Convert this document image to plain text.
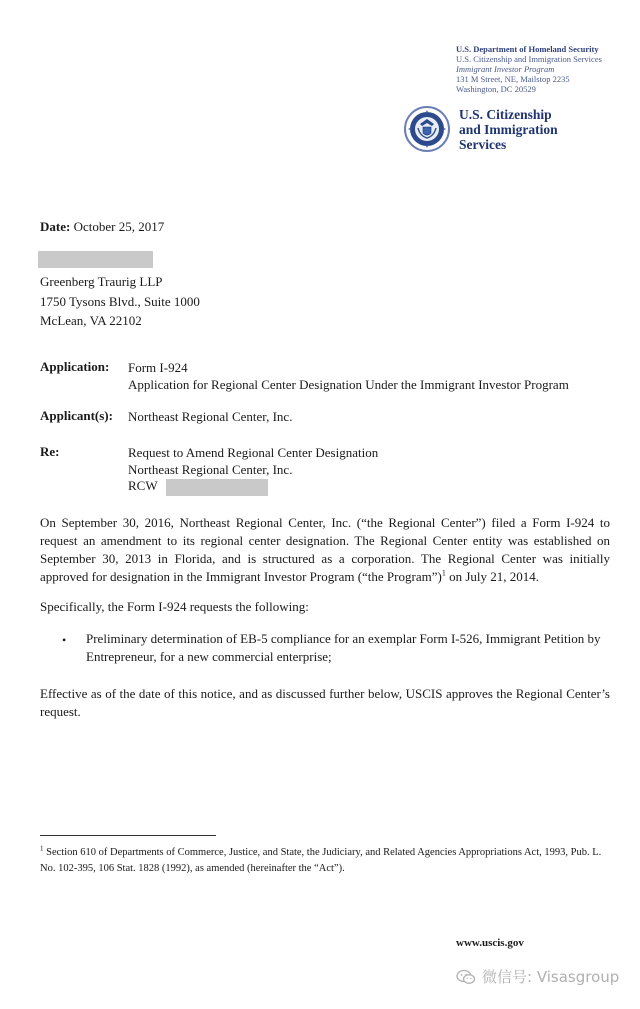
U.S. Department of Homeland Security
U.S. Citizenship and Immigration Services
Immigrant Investor Program
131 M Street, NE, Mailstop 2235
Washington, DC 20529
U.S. Citizenship
and Immigration
Services
Date: October 25, 2017
Greenberg Traurig LLP
1750 Tysons Blvd., Suite 1000
McLean, VA 22102
Application: Form I-924
Application for Regional Center Designation Under the Immigrant Investor Program
Applicant(s): Northeast Regional Center, Inc.
Re:	Request to Amend Regional Center Designation
Northeast Regional Center, Inc.
RCW
On September 30, 2016, Northeast Regional Center, Inc. (“the Regional Center”) filed a Form I-924 to request an amendment to its regional center designation. The Regional Center entity was established on September 30, 2013 in Florida, and is structured as a corporation. The Regional Center was initially approved for designation in the Immigrant Investor Program (“the Program”)$^1$ on July 21, 2014.
Specifically, the Form I-924 requests the following:
• Preliminary determination of EB-5 compliance for an exemplar Form I-526, Immigrant Petition by Entrepreneur, for a new commercial enterprise;
Effective as of the date of this notice, and as discussed further below, USCIS approves the Regional Center’s request.
$^1$ Section 610 of Departments of Commerce, Justice, and State, the Judiciary, and Related Agencies Appropriations Act, 1993, Pub. L. No. 102-395, 106 Stat. 1828 (1992), as amended (hereinafter the “Act”).
www.uscis.gov
微信号: Visasgroup
